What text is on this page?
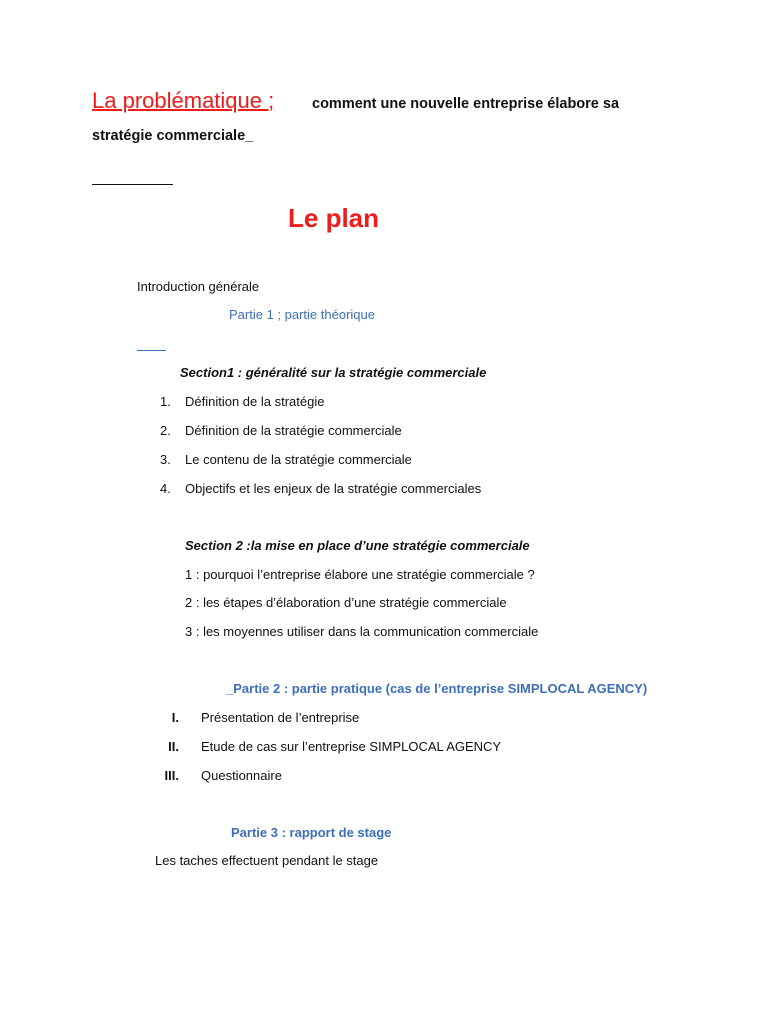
La problématique ;	comment une nouvelle entreprise élabore sa
stratégie commerciale_
Le plan
Introduction générale
Partie 1 ; partie théorique
Section1 : généralité sur la stratégie commerciale
1. Définition de la stratégie
2. Définition de la stratégie commerciale
3. Le contenu de la stratégie commerciale
4. Objectifs et les enjeux de la stratégie commerciales
Section 2 :la mise en place d’une stratégie commerciale
1 : pourquoi l’entreprise élabore une stratégie commerciale ?
2 : les étapes d’élaboration d’une stratégie commerciale
3 : les moyennes utiliser dans la communication commerciale
_Partie 2 : partie pratique (cas de l’entreprise SIMPLOCAL AGENCY)
I. Présentation de l’entreprise
II. Etude de cas sur l’entreprise SIMPLOCAL AGENCY
III. Questionnaire
Partie 3 : rapport de stage
Les taches effectuent pendant le stage
